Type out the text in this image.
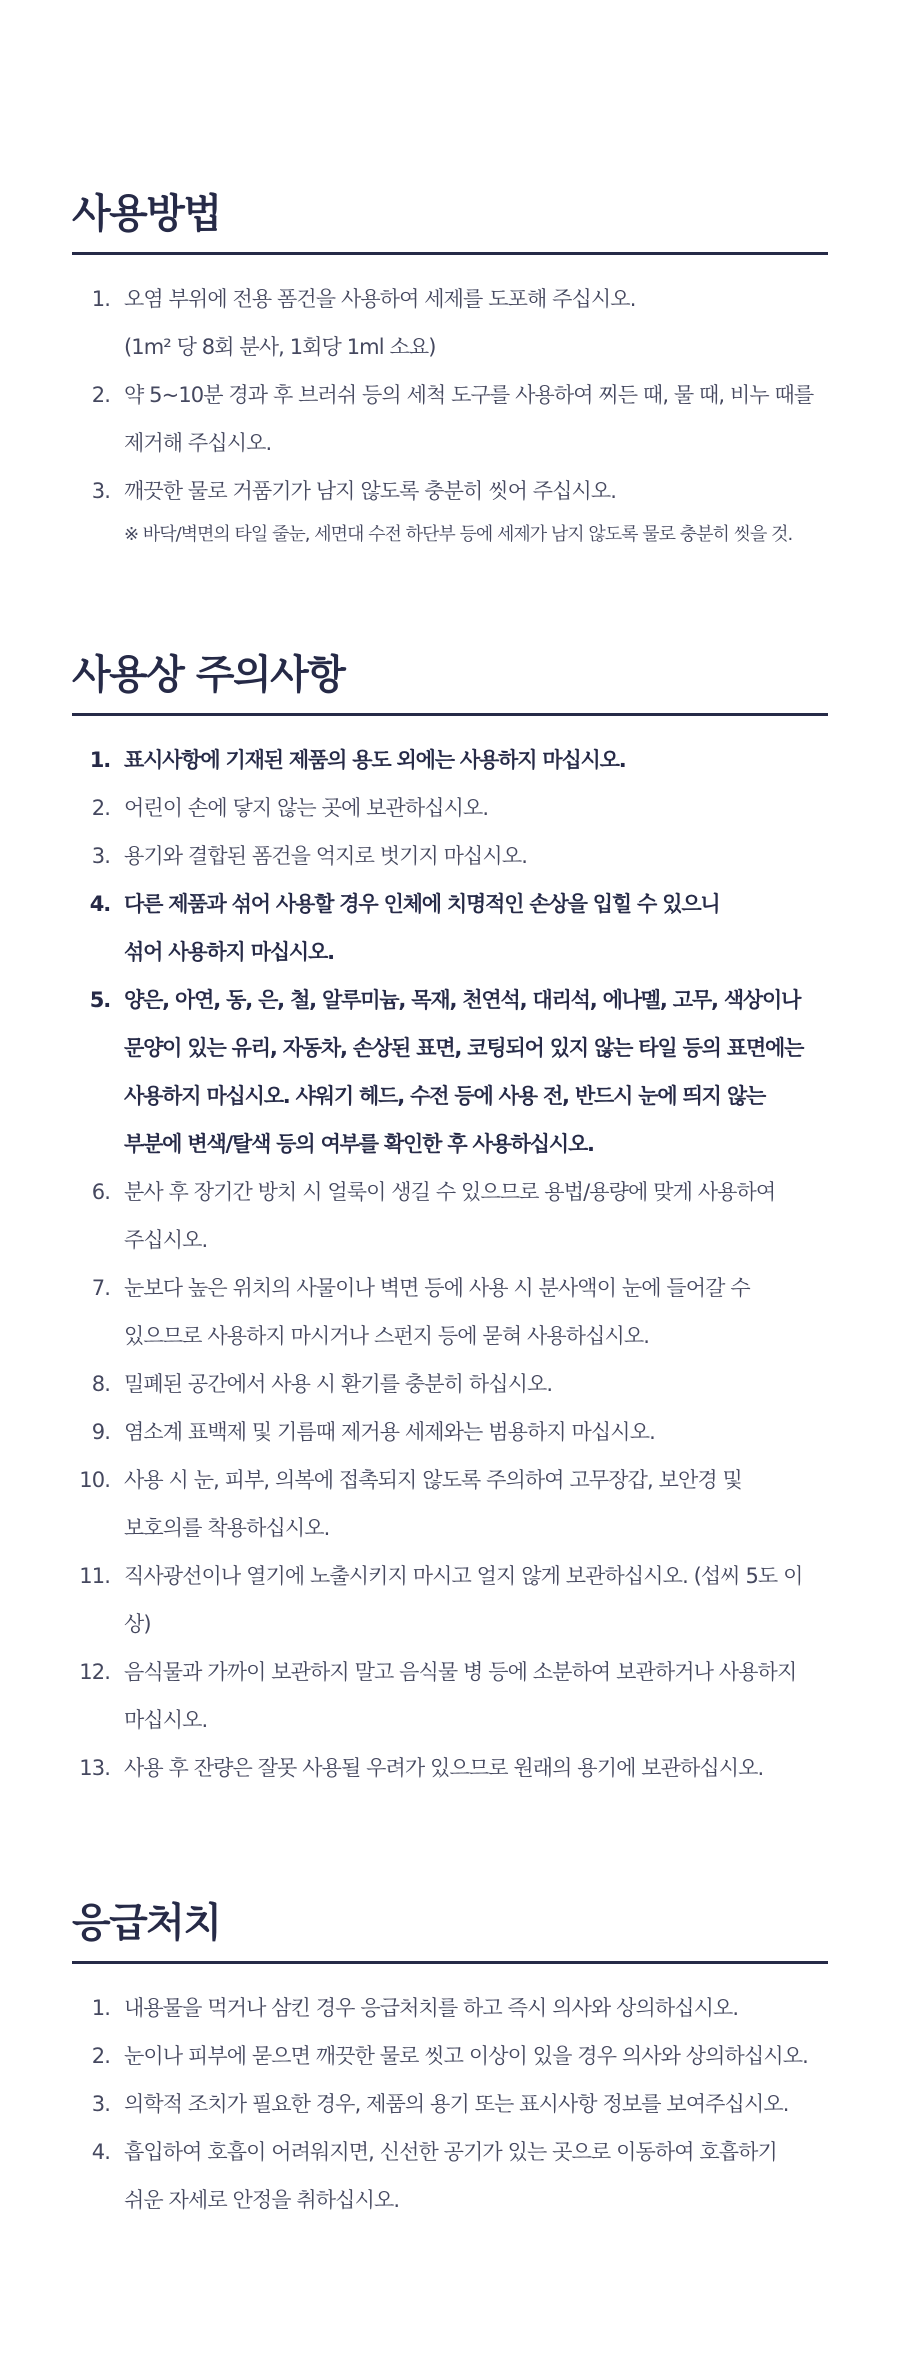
사용방법
1. 오염 부위에 전용 폼건을 사용하여 세제를 도포해 주십시오.
(1m² 당 8회 분사, 1회당 1ml 소요)
2. 약 5~10분 경과 후 브러쉬 등의 세척 도구를 사용하여 찌든 때, 물 때, 비누 때를
제거해 주십시오.
3. 깨끗한 물로 거품기가 남지 않도록 충분히 씻어 주십시오.
※ 바닥/벽면의 타일 줄눈, 세면대 수전 하단부 등에 세제가 남지 않도록 물로 충분히 씻을 것.
사용상 주의사항
1. 표시사항에 기재된 제품의 용도 외에는 사용하지 마십시오.
2. 어린이 손에 닿지 않는 곳에 보관하십시오.
3. 용기와 결합된 폼건을 억지로 벗기지 마십시오.
4. 다른 제품과 섞어 사용할 경우 인체에 치명적인 손상을 입힐 수 있으니
섞어 사용하지 마십시오.
5. 양은, 아연, 동, 은, 철, 알루미늄, 목재, 천연석, 대리석, 에나멜, 고무, 색상이나
문양이 있는 유리, 자동차, 손상된 표면, 코팅되어 있지 않는 타일 등의 표면에는
사용하지 마십시오. 샤워기 헤드, 수전 등에 사용 전, 반드시 눈에 띄지 않는
부분에 변색/탈색 등의 여부를 확인한 후 사용하십시오.
6. 분사 후 장기간 방치 시 얼룩이 생길 수 있으므로 용법/용량에 맞게 사용하여
주십시오.
7. 눈보다 높은 위치의 사물이나 벽면 등에 사용 시 분사액이 눈에 들어갈 수
있으므로 사용하지 마시거나 스펀지 등에 묻혀 사용하십시오.
8. 밀폐된 공간에서 사용 시 환기를 충분히 하십시오.
9. 염소계 표백제 및 기름때 제거용 세제와는 범용하지 마십시오.
10. 사용 시 눈, 피부, 의복에 접촉되지 않도록 주의하여 고무장갑, 보안경 및
보호의를 착용하십시오.
11. 직사광선이나 열기에 노출시키지 마시고 얼지 않게 보관하십시오. (섭씨 5도 이상)
12. 음식물과 가까이 보관하지 말고 음식물 병 등에 소분하여 보관하거나 사용하지
마십시오.
13. 사용 후 잔량은 잘못 사용될 우려가 있으므로 원래의 용기에 보관하십시오.
응급처치
1. 내용물을 먹거나 삼킨 경우 응급처치를 하고 즉시 의사와 상의하십시오.
2. 눈이나 피부에 묻으면 깨끗한 물로 씻고 이상이 있을 경우 의사와 상의하십시오.
3. 의학적 조치가 필요한 경우, 제품의 용기 또는 표시사항 정보를 보여주십시오.
4. 흡입하여 호흡이 어려워지면, 신선한 공기가 있는 곳으로 이동하여 호흡하기
쉬운 자세로 안정을 취하십시오.
